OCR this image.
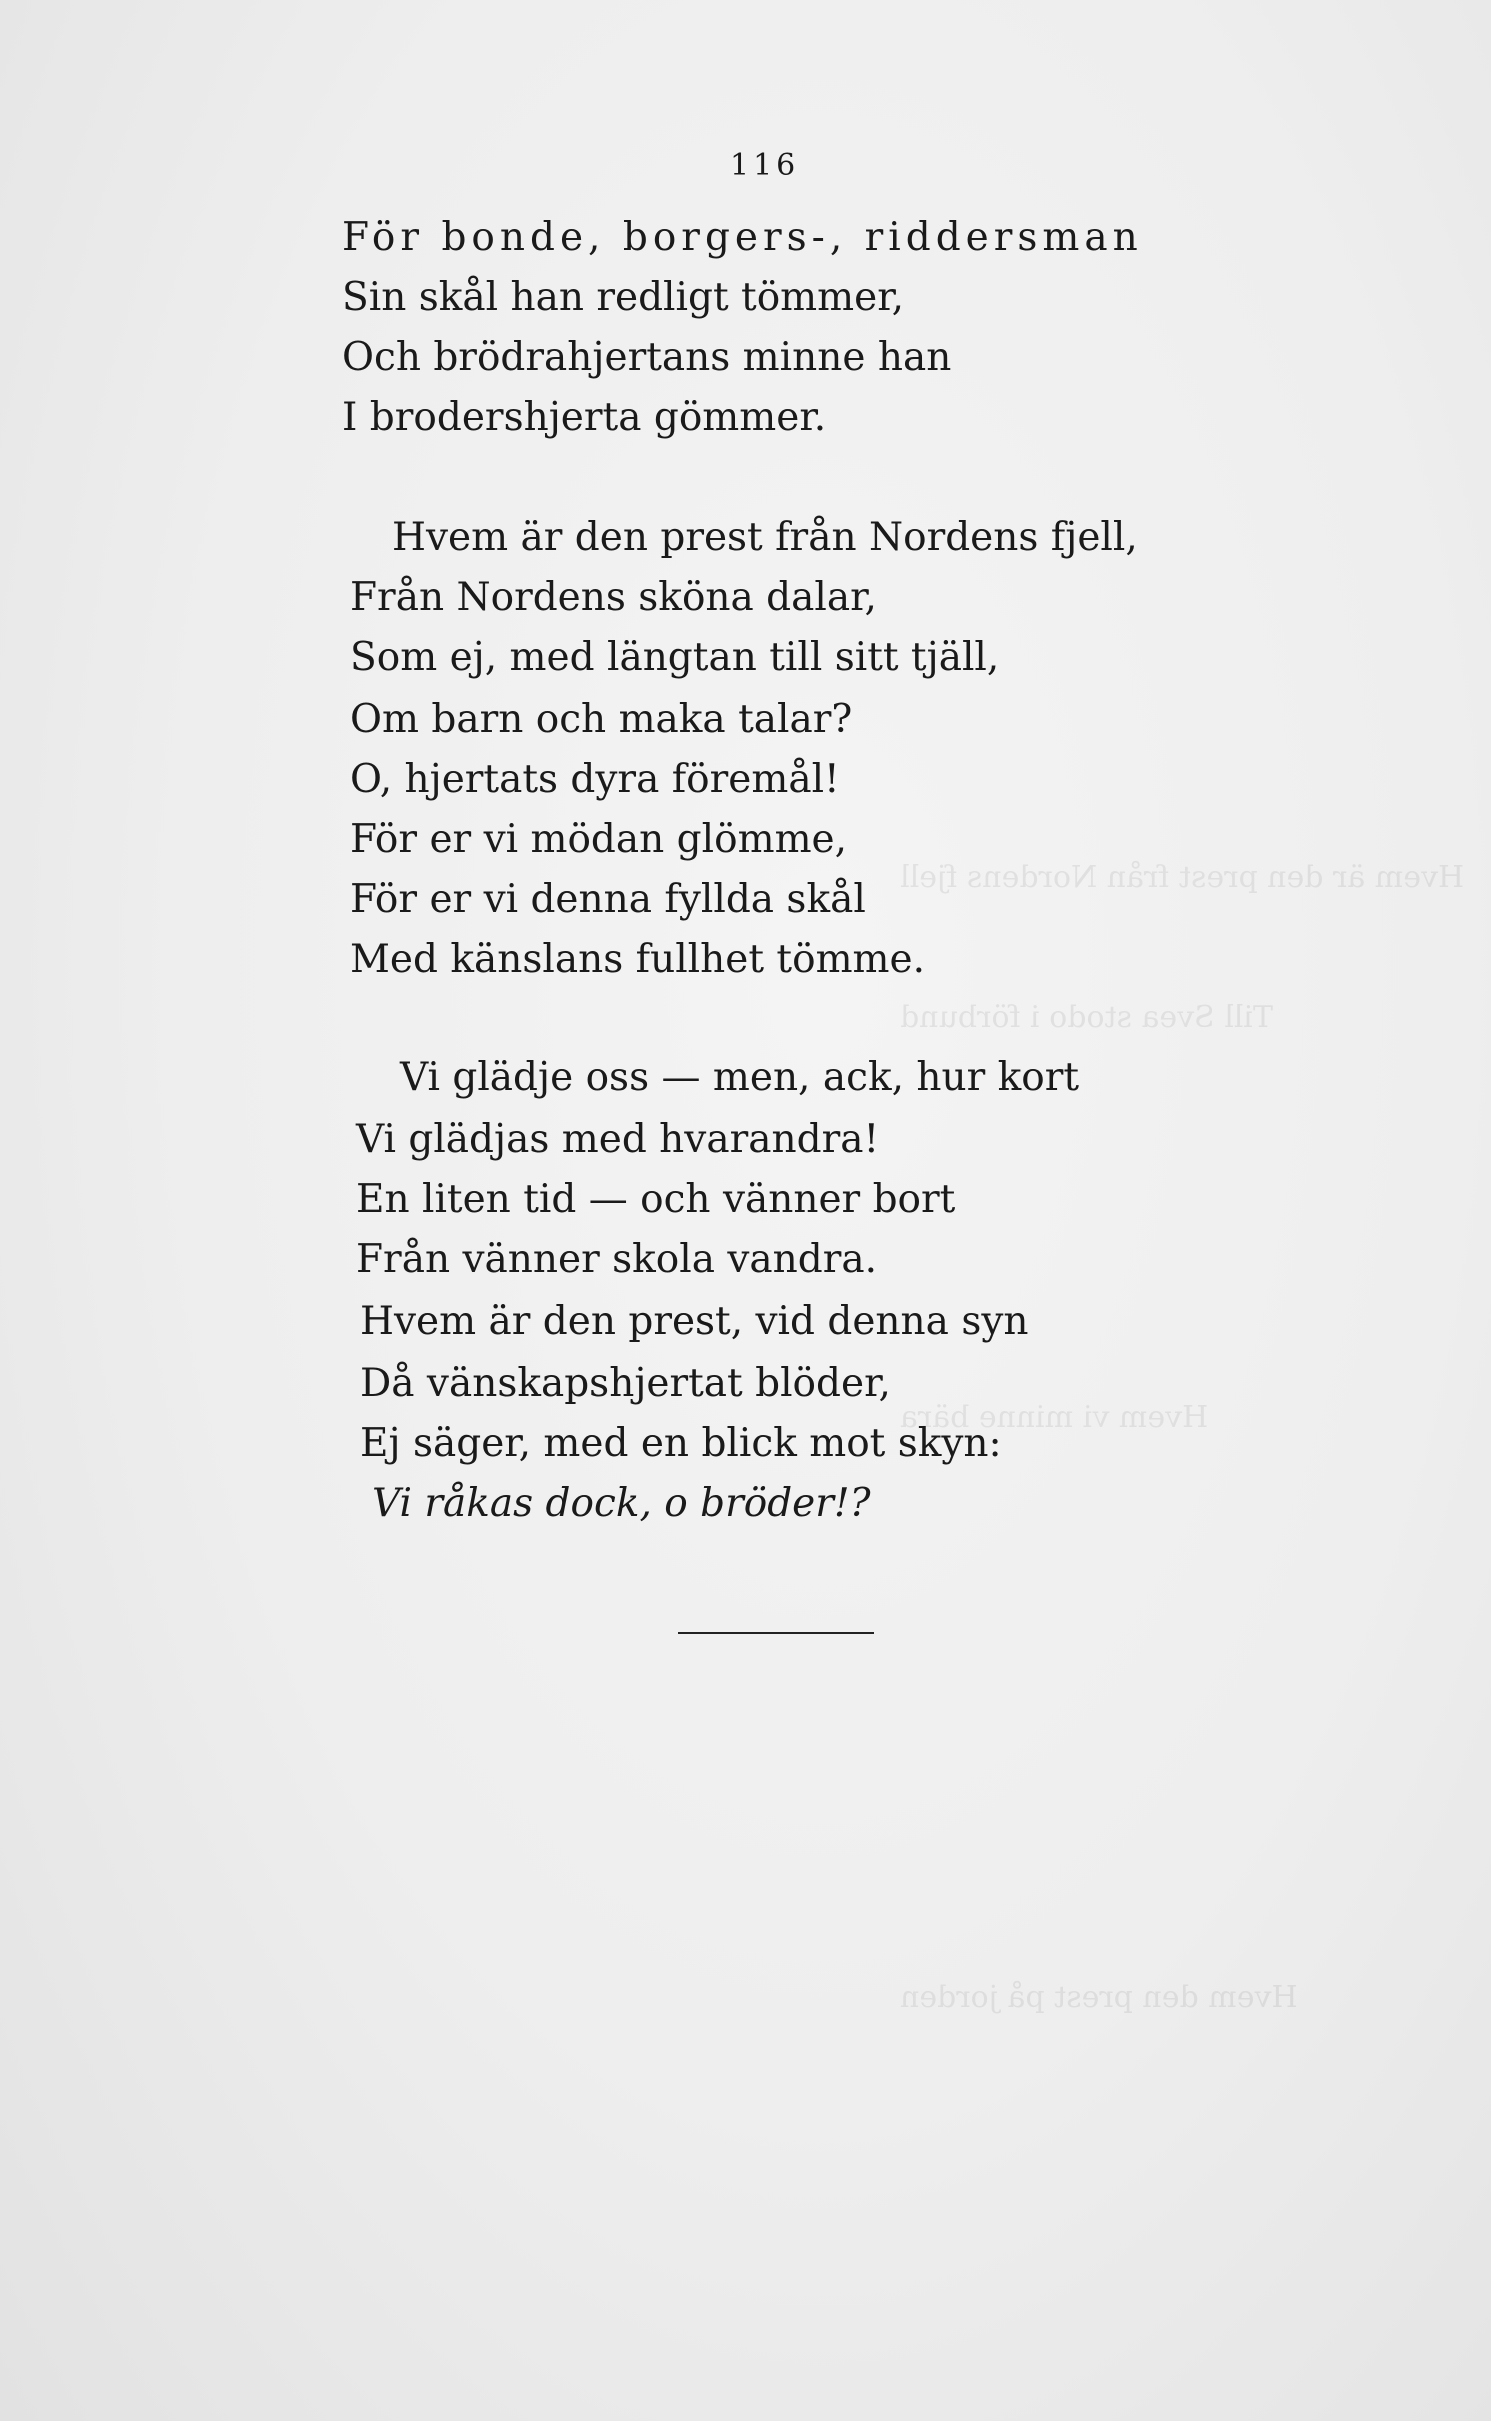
Hvem är den prest från Nordens fjell
Till Svea stodo i förbund
Hvem vi minne bära
Hvem den prest på jorden
116
För bonde, borgers-, riddersman
Sin skål han redligt tömmer,
Och brödrahjertans minne han
I brodershjerta gömmer.
Hvem är den prest från Nordens fjell,
Från Nordens sköna dalar,
Som ej, med längtan till sitt tjäll,
Om barn och maka talar?
O, hjertats dyra föremål!
För er vi mödan glömme,
För er vi denna fyllda skål
Med känslans fullhet tömme.
Vi glädje oss — men, ack, hur kort
Vi glädjas med hvarandra!
En liten tid — och vänner bort
Från vänner skola vandra.
Hvem är den prest, vid denna syn
Då vänskapshjertat blöder,
Ej säger, med en blick mot skyn:
Vi råkas dock, o bröder!?
